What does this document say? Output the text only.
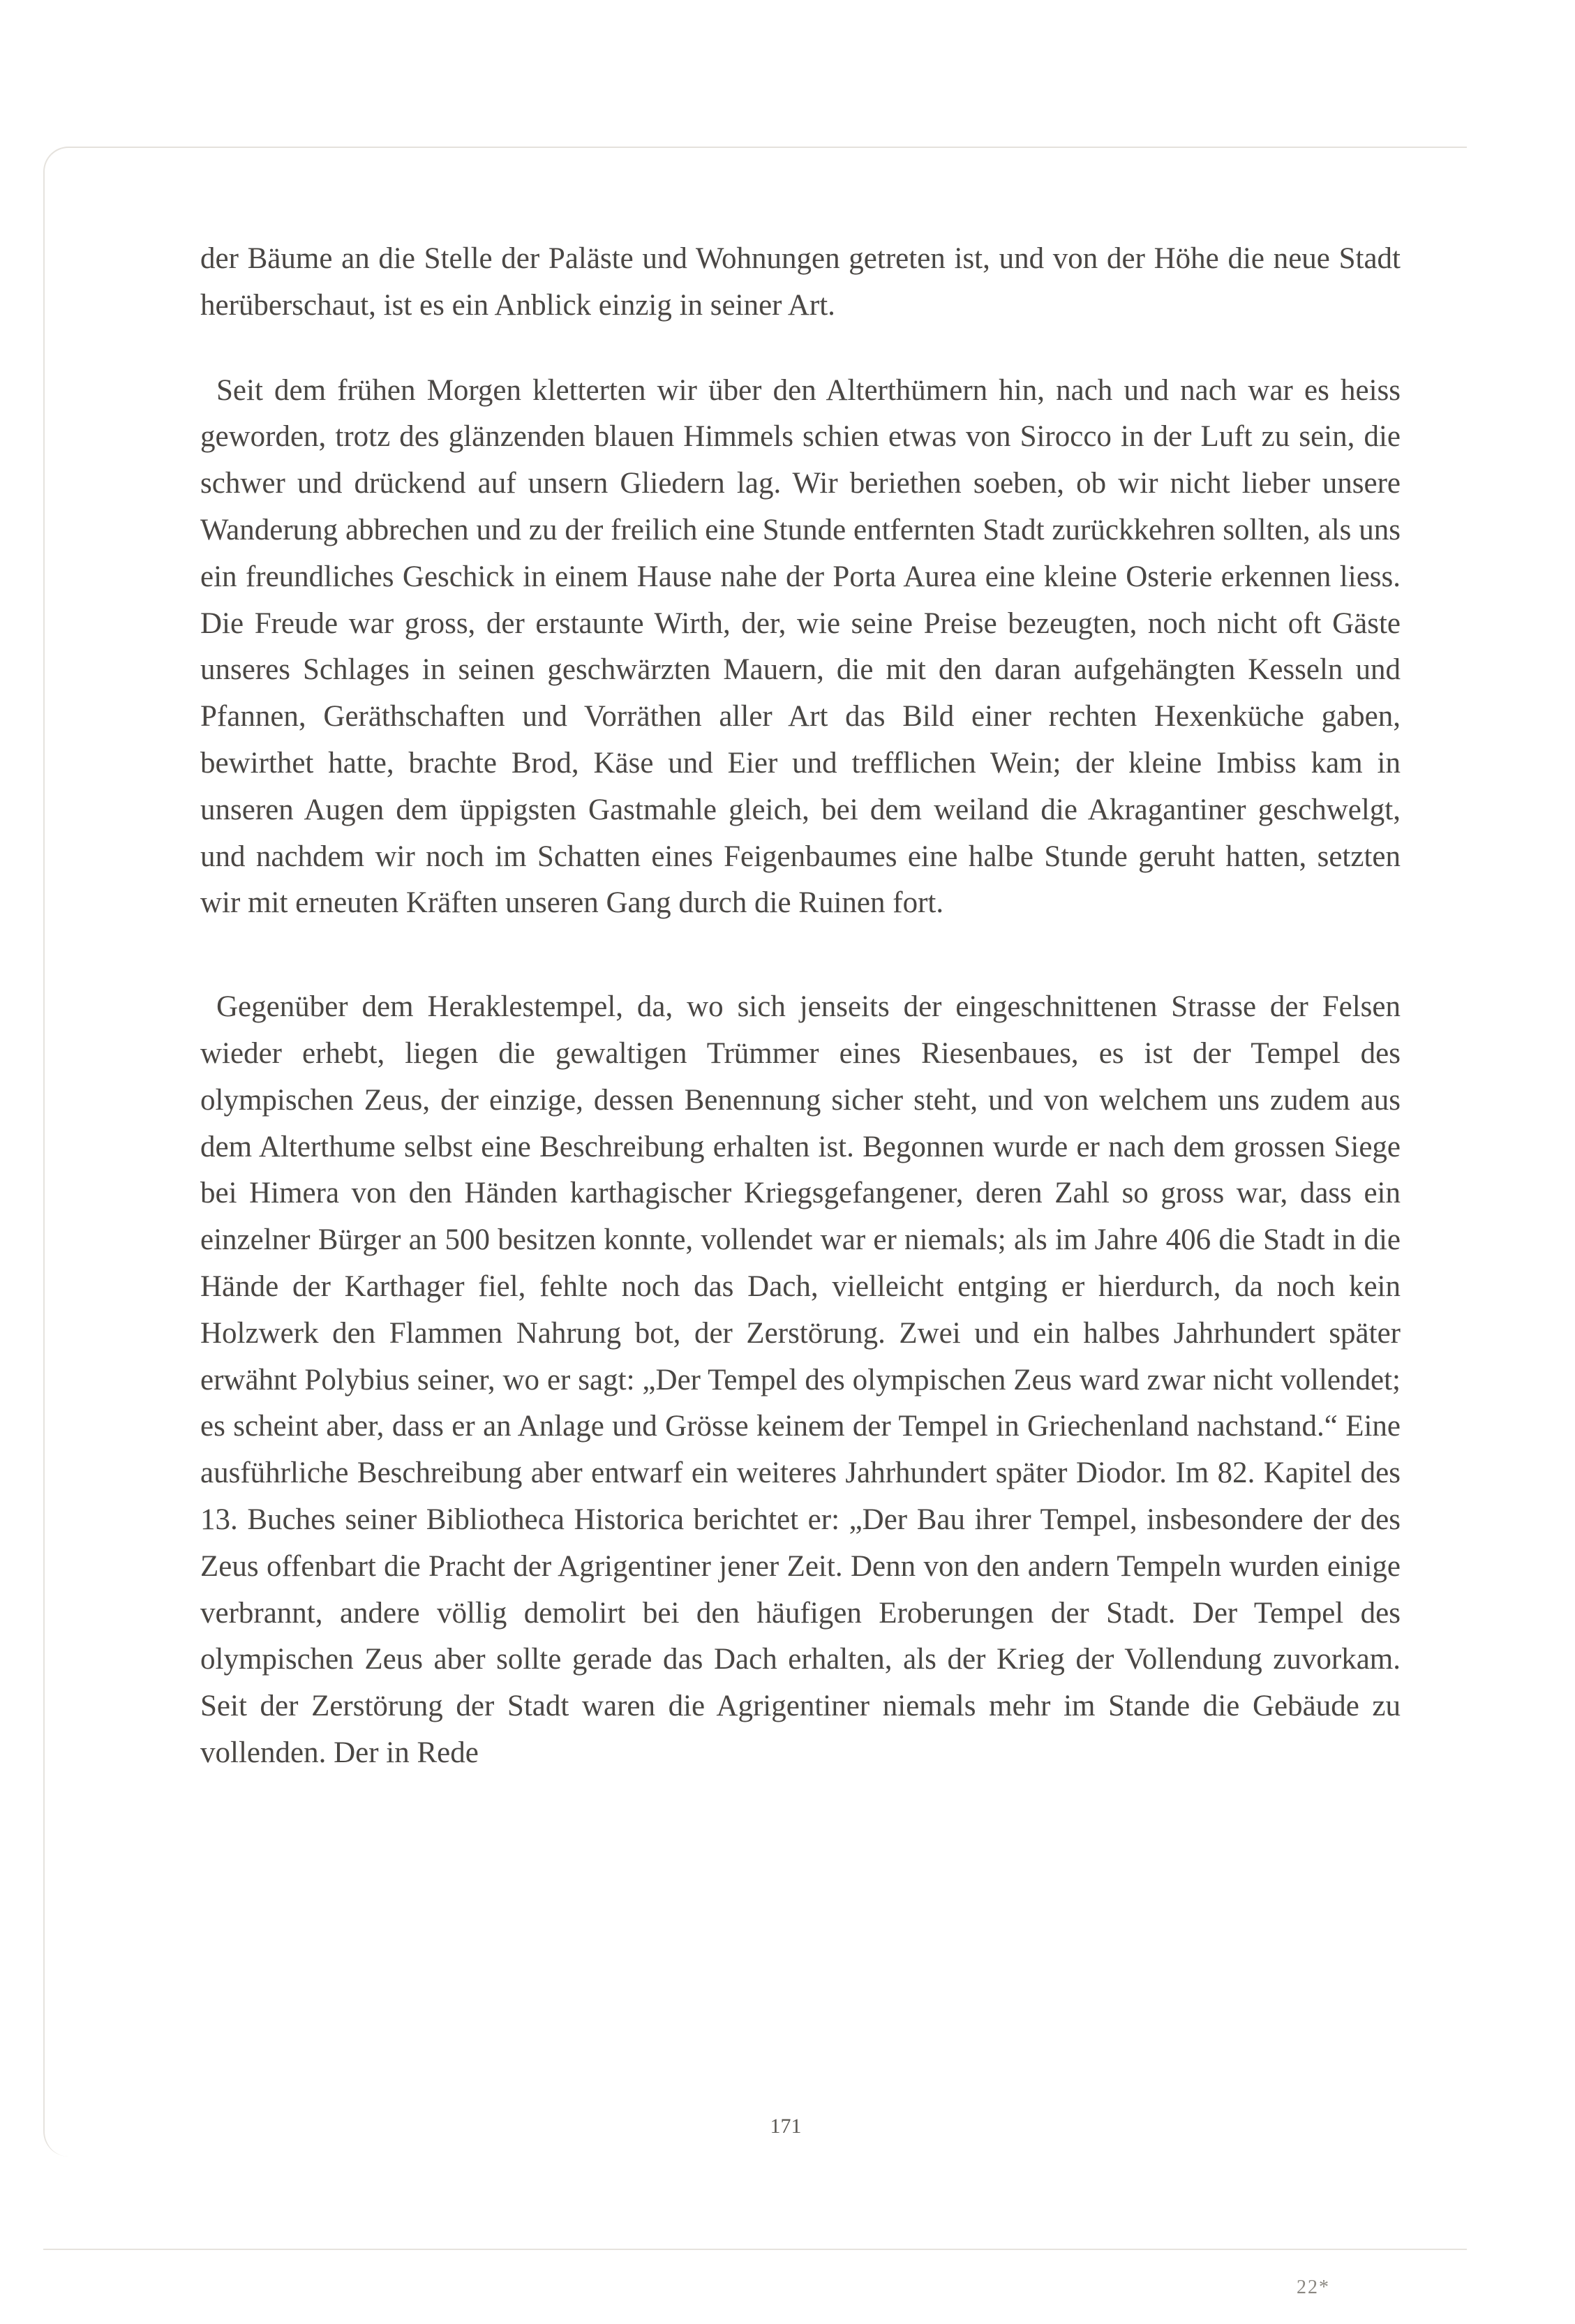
der Bäume an die Stelle der Paläste und Wohnungen getreten ist, und von der Höhe die neue Stadt herüberschaut, ist es ein Anblick einzig in seiner Art.

Seit dem frühen Morgen kletterten wir über den Alterthümern hin, nach und nach war es heiss geworden, trotz des glänzenden blauen Himmels schien etwas von Sirocco in der Luft zu sein, die schwer und drückend auf unsern Gliedern lag. Wir beriethen soeben, ob wir nicht lieber unsere Wanderung abbrechen und zu der freilich eine Stunde entfernten Stadt zurückkehren sollten, als uns ein freundliches Geschick in einem Hause nahe der Porta Aurea eine kleine Osterie erkennen liess. Die Freude war gross, der erstaunte Wirth, der, wie seine Preise bezeugten, noch nicht oft Gäste unseres Schlages in seinen geschwärzten Mauern, die mit den daran aufgehängten Kesseln und Pfannen, Geräthschaften und Vorräthen aller Art das Bild einer rechten Hexenküche gaben, bewirthet hatte, brachte Brod, Käse und Eier und trefflichen Wein; der kleine Imbiss kam in unseren Augen dem üppigsten Gastmahle gleich, bei dem weiland die Akragantiner geschwelgt, und nachdem wir noch im Schatten eines Feigenbaumes eine halbe Stunde geruht hatten, setzten wir mit erneuten Kräften unseren Gang durch die Ruinen fort.

Gegenüber dem Heraklestempel, da, wo sich jenseits der eingeschnittenen Strasse der Felsen wieder erhebt, liegen die gewaltigen Trümmer eines Riesenbaues, es ist der Tempel des olympischen Zeus, der einzige, dessen Benennung sicher steht, und von welchem uns zudem aus dem Alterthume selbst eine Beschreibung erhalten ist. Begonnen wurde er nach dem grossen Siege bei Himera von den Händen karthagischer Kriegsgefangener, deren Zahl so gross war, dass ein einzelner Bürger an 500 besitzen konnte, vollendet war er niemals; als im Jahre 406 die Stadt in die Hände der Karthager fiel, fehlte noch das Dach, vielleicht entging er hierdurch, da noch kein Holzwerk den Flammen Nahrung bot, der Zerstörung. Zwei und ein halbes Jahrhundert später erwähnt Polybius seiner, wo er sagt: „Der Tempel des olympischen Zeus ward zwar nicht vollendet; es scheint aber, dass er an Anlage und Grösse keinem der Tempel in Griechenland nachstand.“ Eine ausführliche Beschreibung aber entwarf ein weiteres Jahrhundert später Diodor. Im 82. Kapitel des 13. Buches seiner Bibliotheca Historica berichtet er: „Der Bau ihrer Tempel, insbesondere der des Zeus offenbart die Pracht der Agrigentiner jener Zeit. Denn von den andern Tempeln wurden einige verbrannt, andere völlig demolirt bei den häufigen Eroberungen der Stadt. Der Tempel des olympischen Zeus aber sollte gerade das Dach erhalten, als der Krieg der Vollendung zuvorkam. Seit der Zerstörung der Stadt waren die Agrigentiner niemals mehr im Stande die Gebäude zu vollenden. Der in Rede

171
22*
